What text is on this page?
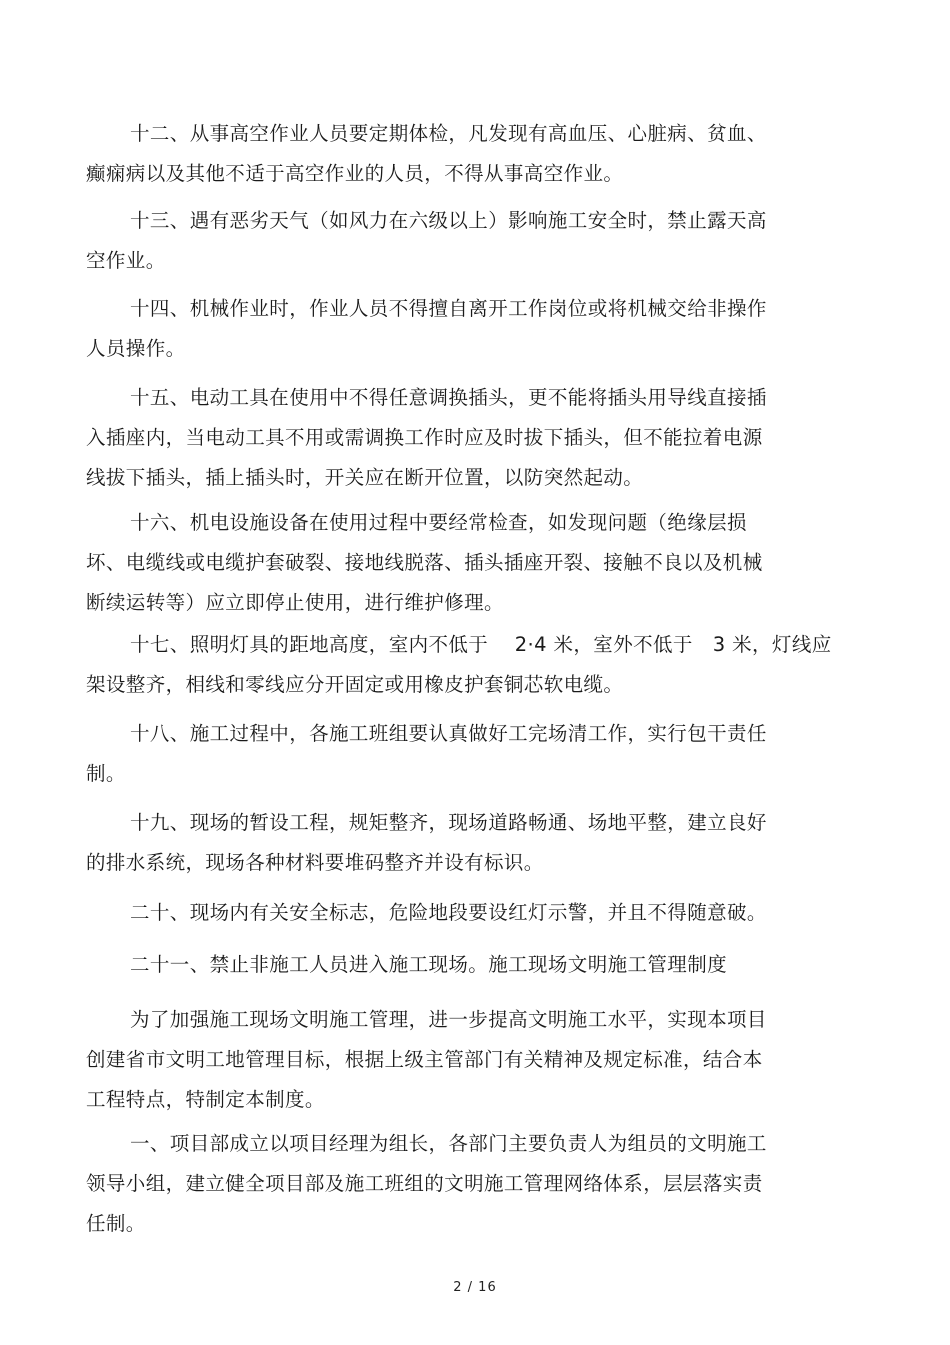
十二、从事高空作业人员要定期体检，凡发现有高血压、心脏病、贫血、
癫痫病以及其他不适于高空作业的人员，不得从事高空作业。
十三、遇有恶劣天气（如风力在六级以上）影响施工安全时，禁止露天高
空作业。
十四、机械作业时，作业人员不得擅自离开工作岗位或将机械交给非操作
人员操作。
十五、电动工具在使用中不得任意调换插头，更不能将插头用导线直接插
入插座内，当电动工具不用或需调换工作时应及时拔下插头，但不能拉着电源
线拔下插头，插上插头时，开关应在断开位置，以防突然起动。
十六、机电设施设备在使用过程中要经常检查，如发现问题（绝缘层损
坏、电缆线或电缆护套破裂、接地线脱落、插头插座开裂、接触不良以及机械
断续运转等）应立即停止使用，进行维护修理。
十七、照明灯具的距地高度，室内不低于　 2·4 米，室外不低于　3 米，灯线应
架设整齐，相线和零线应分开固定或用橡皮护套铜芯软电缆。
十八、施工过程中，各施工班组要认真做好工完场清工作，实行包干责任
制。
十九、现场的暂设工程，规矩整齐，现场道路畅通、场地平整，建立良好
的排水系统，现场各种材料要堆码整齐并设有标识。
二十、现场内有关安全标志，危险地段要设红灯示警，并且不得随意破。
二十一、禁止非施工人员进入施工现场。施工现场文明施工管理制度
为了加强施工现场文明施工管理，进一步提高文明施工水平，实现本项目
创建省市文明工地管理目标，根据上级主管部门有关精神及规定标准，结合本
工程特点，特制定本制度。
一、项目部成立以项目经理为组长，各部门主要负责人为组员的文明施工
领导小组，建立健全项目部及施工班组的文明施工管理网络体系，层层落实责
任制。
2 / 16
